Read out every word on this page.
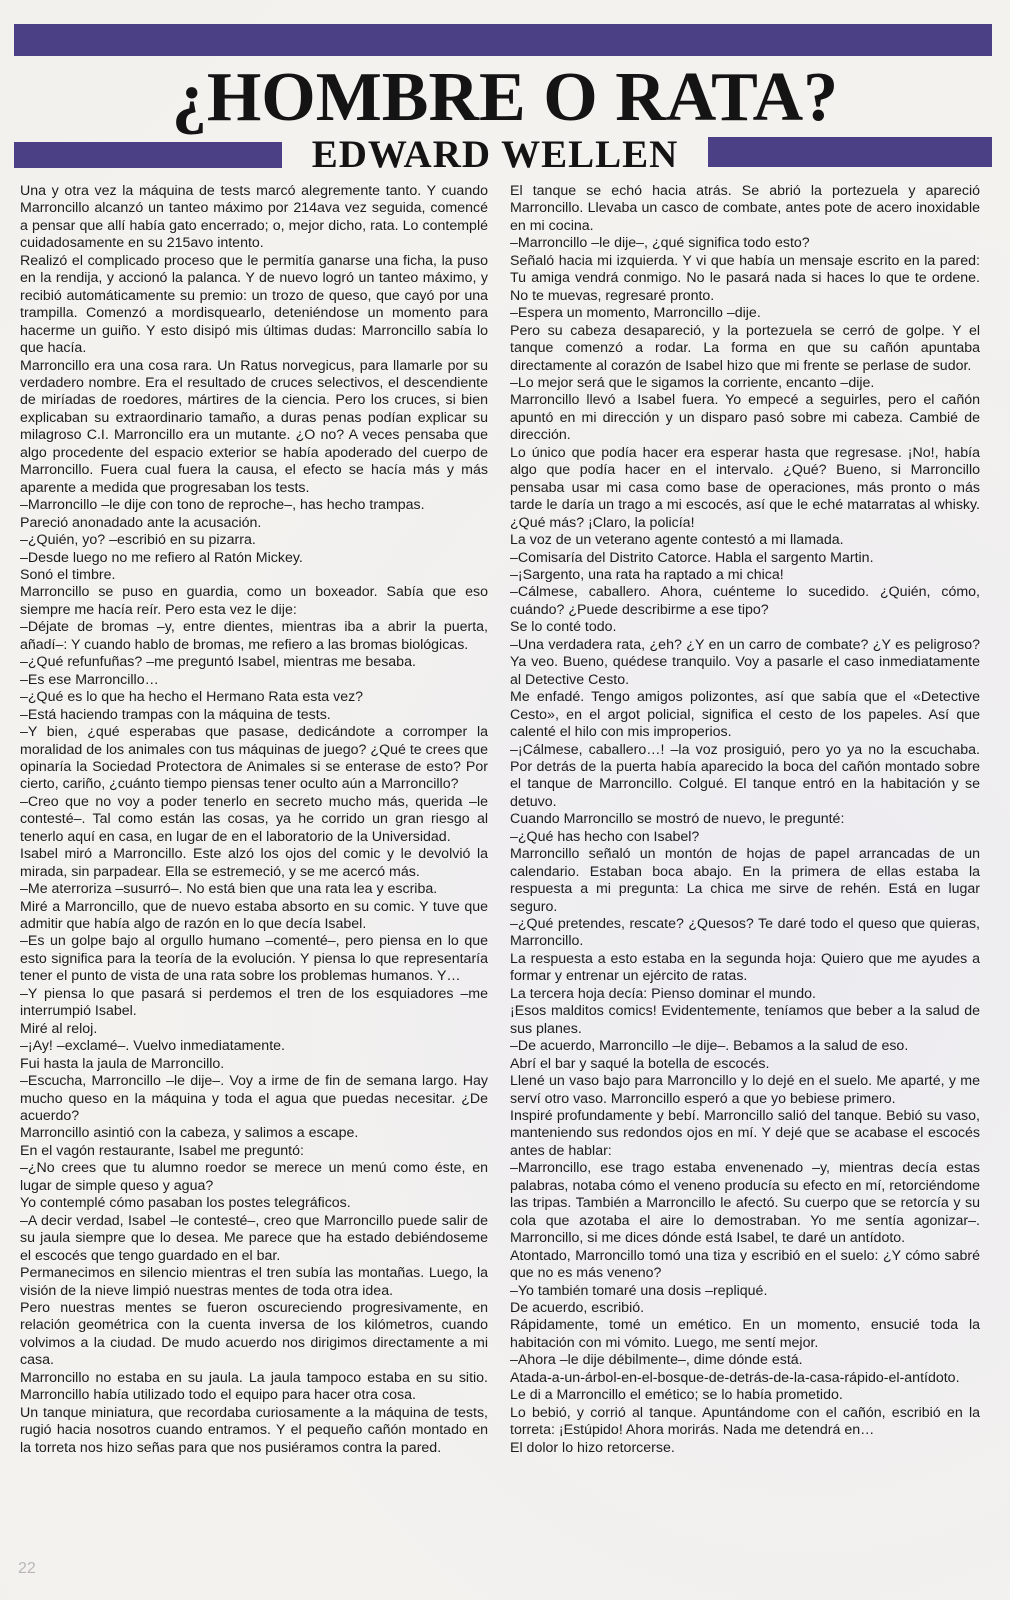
¿HOMBRE O RATA?
EDWARD WELLEN

Una y otra vez la máquina de tests marcó alegremente tanto. Y cuando Marroncillo alcanzó un tanteo máximo por 214ava vez seguida, comencé a pensar que allí había gato encerrado; o, mejor dicho, rata. Lo contemplé cuidadosamente en su 215avo intento.

Realizó el complicado proceso que le permitía ganarse una ficha, la puso en la rendija, y accionó la palanca. Y de nuevo logró un tanteo máximo, y recibió automáticamente su premio: un trozo de queso, que cayó por una trampilla. Comenzó a mordisquearlo, deteniéndose un momento para hacerme un guiño. Y esto disipó mis últimas dudas: Marroncillo sabía lo que hacía.

Marroncillo era una cosa rara. Un Ratus norvegicus, para llamarle por su verdadero nombre. Era el resultado de cruces selectivos, el descendiente de miríadas de roedores, mártires de la ciencia. Pero los cruces, si bien explicaban su extraordinario tamaño, a duras penas podían explicar su milagroso C.I. Marroncillo era un mutante. ¿O no? A veces pensaba que algo procedente del espacio exterior se había apoderado del cuerpo de Marroncillo. Fuera cual fuera la causa, el efecto se hacía más y más aparente a medida que progresaban los tests.

–Marroncillo –le dije con tono de reproche–, has hecho trampas.

Pareció anonadado ante la acusación.

–¿Quién, yo? –escribió en su pizarra.

–Desde luego no me refiero al Ratón Mickey.

Sonó el timbre.

Marroncillo se puso en guardia, como un boxeador. Sabía que eso siempre me hacía reír. Pero esta vez le dije:

–Déjate de bromas –y, entre dientes, mientras iba a abrir la puerta, añadí–: Y cuando hablo de bromas, me refiero a las bromas biológicas.

–¿Qué refunfuñas? –me preguntó Isabel, mientras me besaba.

–Es ese Marroncillo…

–¿Qué es lo que ha hecho el Hermano Rata esta vez?

–Está haciendo trampas con la máquina de tests.

–Y bien, ¿qué esperabas que pasase, dedicándote a corromper la moralidad de los animales con tus máquinas de juego? ¿Qué te crees que opinaría la Sociedad Protectora de Animales si se enterase de esto? Por cierto, cariño, ¿cuánto tiempo piensas tener oculto aún a Marroncillo?

–Creo que no voy a poder tenerlo en secreto mucho más, querida –le contesté–. Tal como están las cosas, ya he corrido un gran riesgo al tenerlo aquí en casa, en lugar de en el laboratorio de la Universidad.

Isabel miró a Marroncillo. Este alzó los ojos del comic y le devolvió la mirada, sin parpadear. Ella se estremeció, y se me acercó más.

–Me aterroriza –susurró–. No está bien que una rata lea y escriba.

Miré a Marroncillo, que de nuevo estaba absorto en su comic. Y tuve que admitir que había algo de razón en lo que decía Isabel.

–Es un golpe bajo al orgullo humano –comenté–, pero piensa en lo que esto significa para la teoría de la evolución. Y piensa lo que representaría tener el punto de vista de una rata sobre los problemas humanos. Y…

–Y piensa lo que pasará si perdemos el tren de los esquiadores –me interrumpió Isabel.

Miré al reloj.

–¡Ay! –exclamé–. Vuelvo inmediatamente.

Fui hasta la jaula de Marroncillo.

–Escucha, Marroncillo –le dije–. Voy a irme de fin de semana largo. Hay mucho queso en la máquina y toda el agua que puedas necesitar. ¿De acuerdo?

Marroncillo asintió con la cabeza, y salimos a escape.

En el vagón restaurante, Isabel me preguntó:

–¿No crees que tu alumno roedor se merece un menú como éste, en lugar de simple queso y agua?

Yo contemplé cómo pasaban los postes telegráficos.

–A decir verdad, Isabel –le contesté–, creo que Marroncillo puede salir de su jaula siempre que lo desea. Me parece que ha estado debiéndoseme el escocés que tengo guardado en el bar.

Permanecimos en silencio mientras el tren subía las montañas. Luego, la visión de la nieve limpió nuestras mentes de toda otra idea.

Pero nuestras mentes se fueron oscureciendo progresivamente, en relación geométrica con la cuenta inversa de los kilómetros, cuando volvimos a la ciudad. De mudo acuerdo nos dirigimos directamente a mi casa.

Marroncillo no estaba en su jaula. La jaula tampoco estaba en su sitio. Marroncillo había utilizado todo el equipo para hacer otra cosa.

Un tanque miniatura, que recordaba curiosamente a la máquina de tests, rugió hacia nosotros cuando entramos. Y el pequeño cañón montado en la torreta nos hizo señas para que nos pusiéramos contra la pared.

El tanque se echó hacia atrás. Se abrió la portezuela y apareció Marroncillo. Llevaba un casco de combate, antes pote de acero inoxidable en mi cocina.

–Marroncillo –le dije–, ¿qué significa todo esto?

Señaló hacia mi izquierda. Y vi que había un mensaje escrito en la pared: Tu amiga vendrá conmigo. No le pasará nada si haces lo que te ordene. No te muevas, regresaré pronto.

–Espera un momento, Marroncillo –dije.

Pero su cabeza desapareció, y la portezuela se cerró de golpe. Y el tanque comenzó a rodar. La forma en que su cañón apuntaba directamente al corazón de Isabel hizo que mi frente se perlase de sudor.

–Lo mejor será que le sigamos la corriente, encanto –dije.

Marroncillo llevó a Isabel fuera. Yo empecé a seguirles, pero el cañón apuntó en mi dirección y un disparo pasó sobre mi cabeza. Cambié de dirección.

Lo único que podía hacer era esperar hasta que regresase. ¡No!, había algo que podía hacer en el intervalo. ¿Qué? Bueno, si Marroncillo pensaba usar mi casa como base de operaciones, más pronto o más tarde le daría un trago a mi escocés, así que le eché matarratas al whisky. ¿Qué más? ¡Claro, la policía!

La voz de un veterano agente contestó a mi llamada.

–Comisaría del Distrito Catorce. Habla el sargento Martin.

–¡Sargento, una rata ha raptado a mi chica!

–Cálmese, caballero. Ahora, cuénteme lo sucedido. ¿Quién, cómo, cuándo? ¿Puede describirme a ese tipo?

Se lo conté todo.

–Una verdadera rata, ¿eh? ¿Y en un carro de combate? ¿Y es peligroso? Ya veo. Bueno, quédese tranquilo. Voy a pasarle el caso inmediatamente al Detective Cesto.

Me enfadé. Tengo amigos polizontes, así que sabía que el «Detective Cesto», en el argot policial, significa el cesto de los papeles. Así que calenté el hilo con mis improperios.

–¡Cálmese, caballero…! –la voz prosiguió, pero yo ya no la escuchaba. Por detrás de la puerta había aparecido la boca del cañón montado sobre el tanque de Marroncillo. Colgué. El tanque entró en la habitación y se detuvo.

Cuando Marroncillo se mostró de nuevo, le pregunté:

–¿Qué has hecho con Isabel?

Marroncillo señaló un montón de hojas de papel arrancadas de un calendario. Estaban boca abajo. En la primera de ellas estaba la respuesta a mi pregunta: La chica me sirve de rehén. Está en lugar seguro.

–¿Qué pretendes, rescate? ¿Quesos? Te daré todo el queso que quieras, Marroncillo.

La respuesta a esto estaba en la segunda hoja: Quiero que me ayudes a formar y entrenar un ejército de ratas.

La tercera hoja decía: Pienso dominar el mundo.

¡Esos malditos comics! Evidentemente, teníamos que beber a la salud de sus planes.

–De acuerdo, Marroncillo –le dije–. Bebamos a la salud de eso.

Abrí el bar y saqué la botella de escocés.

Llené un vaso bajo para Marroncillo y lo dejé en el suelo. Me aparté, y me serví otro vaso. Marroncillo esperó a que yo bebiese primero.

Inspiré profundamente y bebí. Marroncillo salió del tanque. Bebió su vaso, manteniendo sus redondos ojos en mí. Y dejé que se acabase el escocés antes de hablar:

–Marroncillo, ese trago estaba envenenado –y, mientras decía estas palabras, notaba cómo el veneno producía su efecto en mí, retorciéndome las tripas. También a Marroncillo le afectó. Su cuerpo que se retorcía y su cola que azotaba el aire lo demostraban. Yo me sentía agonizar–. Marroncillo, si me dices dónde está Isabel, te daré un antídoto.

Atontado, Marroncillo tomó una tiza y escribió en el suelo: ¿Y cómo sabré que no es más veneno?

–Yo también tomaré una dosis –repliqué.

De acuerdo, escribió.

Rápidamente, tomé un emético. En un momento, ensucié toda la habitación con mi vómito. Luego, me sentí mejor.

–Ahora –le dije débilmente–, dime dónde está.

Atada-a-un-árbol-en-el-bosque-de-detrás-de-la-casa-rápido-el-antídoto.

Le di a Marroncillo el emético; se lo había prometido.

Lo bebió, y corrió al tanque. Apuntándome con el cañón, escribió en la torreta: ¡Estúpido! Ahora morirás. Nada me detendrá en…

El dolor lo hizo retorcerse.

22
